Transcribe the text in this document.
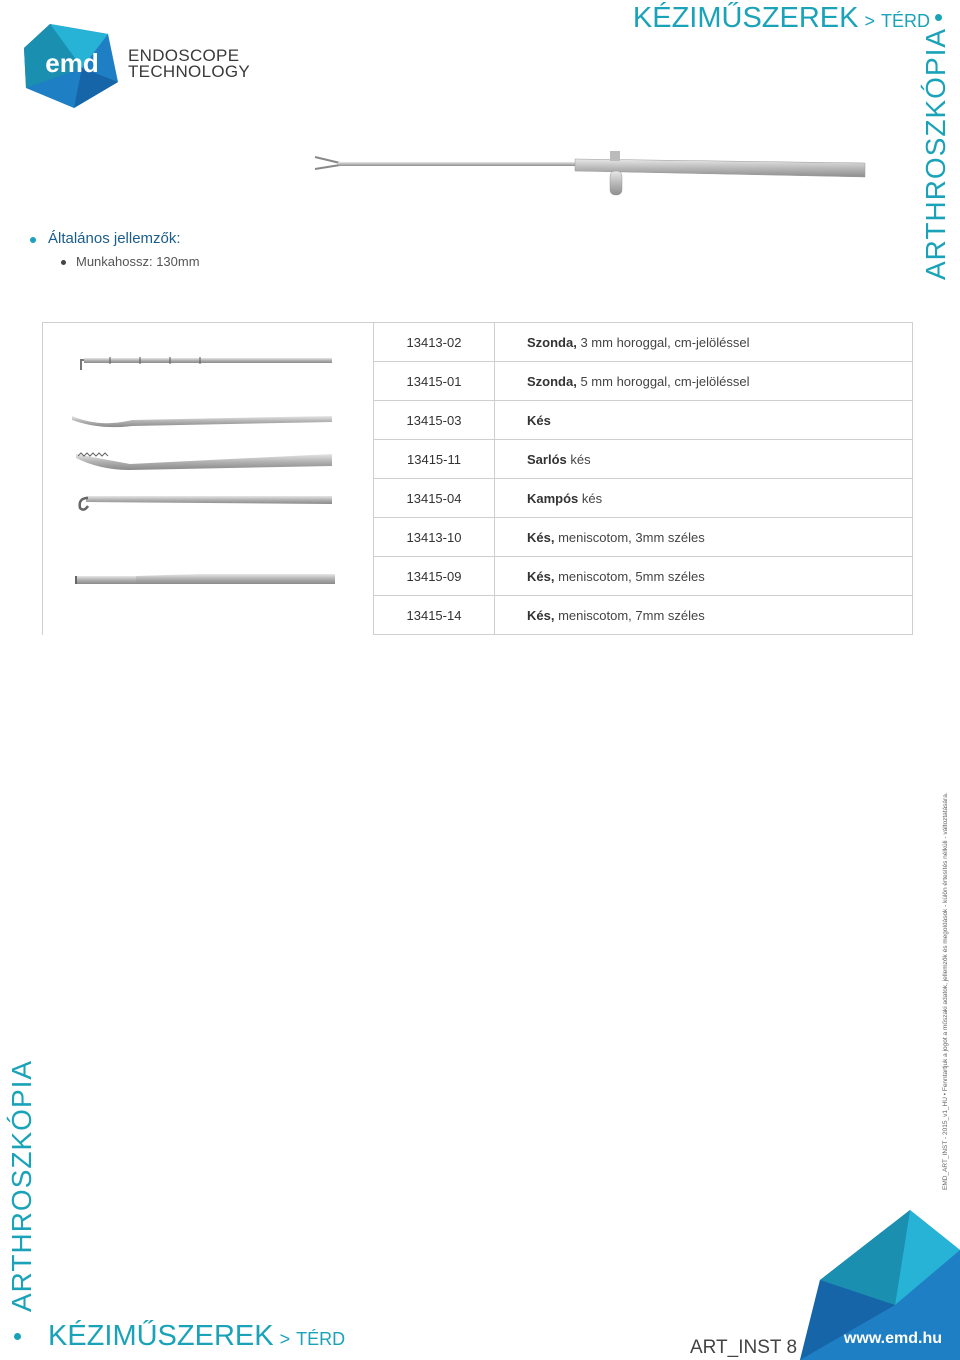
KÉZIMŰSZEREK > TÉRD
emd ENDOSCOPE
TECHNOLOGY	ARTHROSZKÓPIA
Általános jellemzők:
Munkahossz: 130mm
	13413-02	Szonda, 3 mm horoggal, cm-jelöléssel
	13415-01	Szonda, 5 mm horoggal, cm-jelöléssel
	13415-03	Kés
	13415-11	Sarlós kés
	13415-04	Kampós kés
	13413-10	Kés, meniscotom, 3mm széles
	13415-09	Kés, meniscotom, 5mm széles
	13415-14	Kés, meniscotom, 7mm széles
EMD_ART_INST - 2015_v1_HU • Fenntartjuk a jogot a műszaki adatok, jellemzők és megoldások - külön értesítés nélküli - változtatására.
ARTHROSZKÓPIA
KÉZIMŰSZEREK > TÉRD	ART_INST 8	www.emd.hu
